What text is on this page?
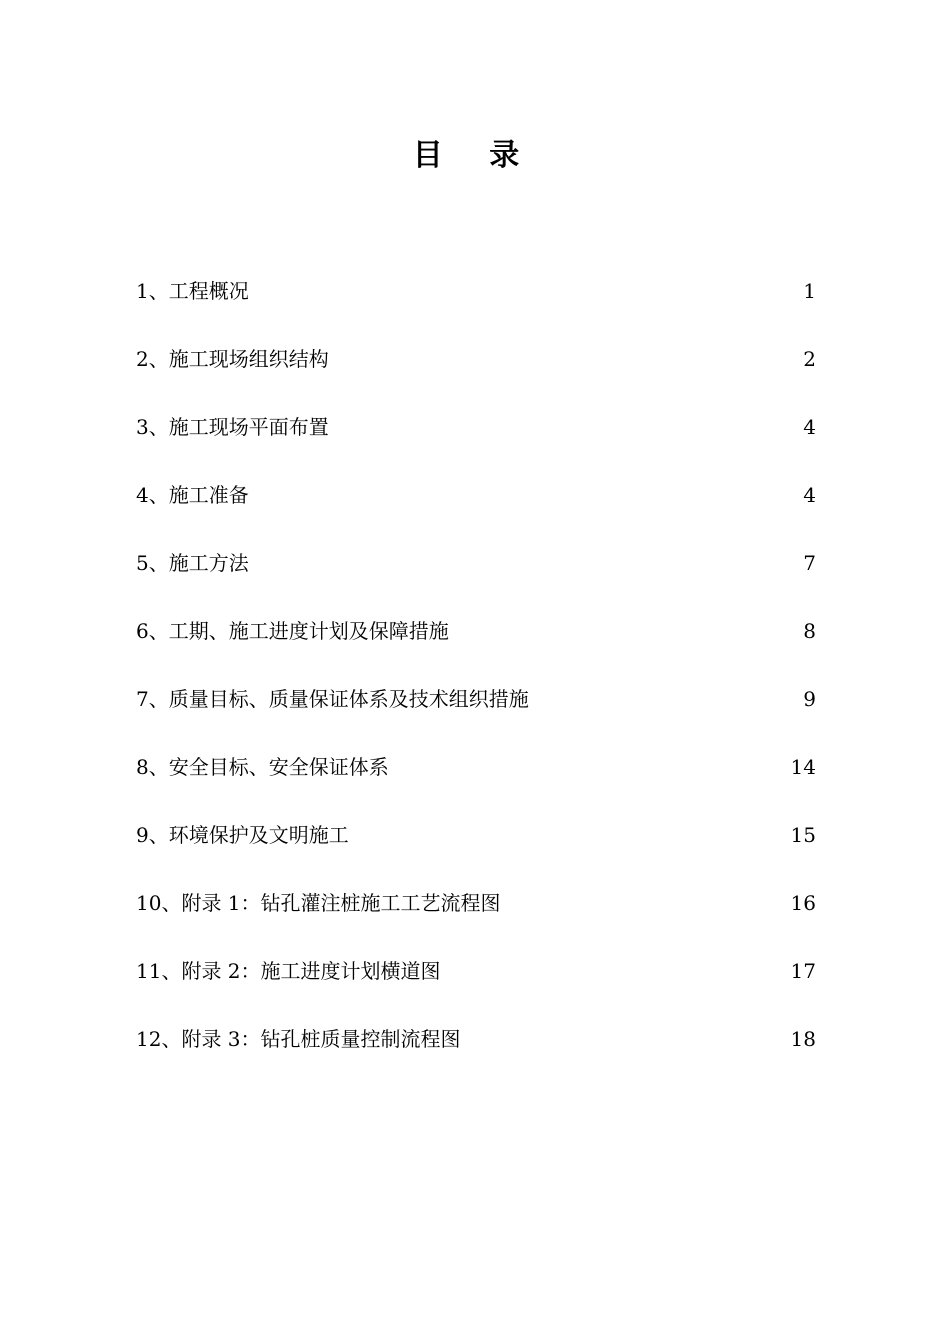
目 录
1、工程概况	1
2、施工现场组织结构	2
3、施工现场平面布置	4
4、施工准备	4
5、施工方法	7
6、工期、施工进度计划及保障措施	8
7、质量目标、质量保证体系及技术组织措施	9
8、安全目标、安全保证体系	14
9、环境保护及文明施工	15
10、附录 1：钻孔灌注桩施工工艺流程图	16
11、附录 2：施工进度计划横道图	17
12、附录 3：钻孔桩质量控制流程图	18
